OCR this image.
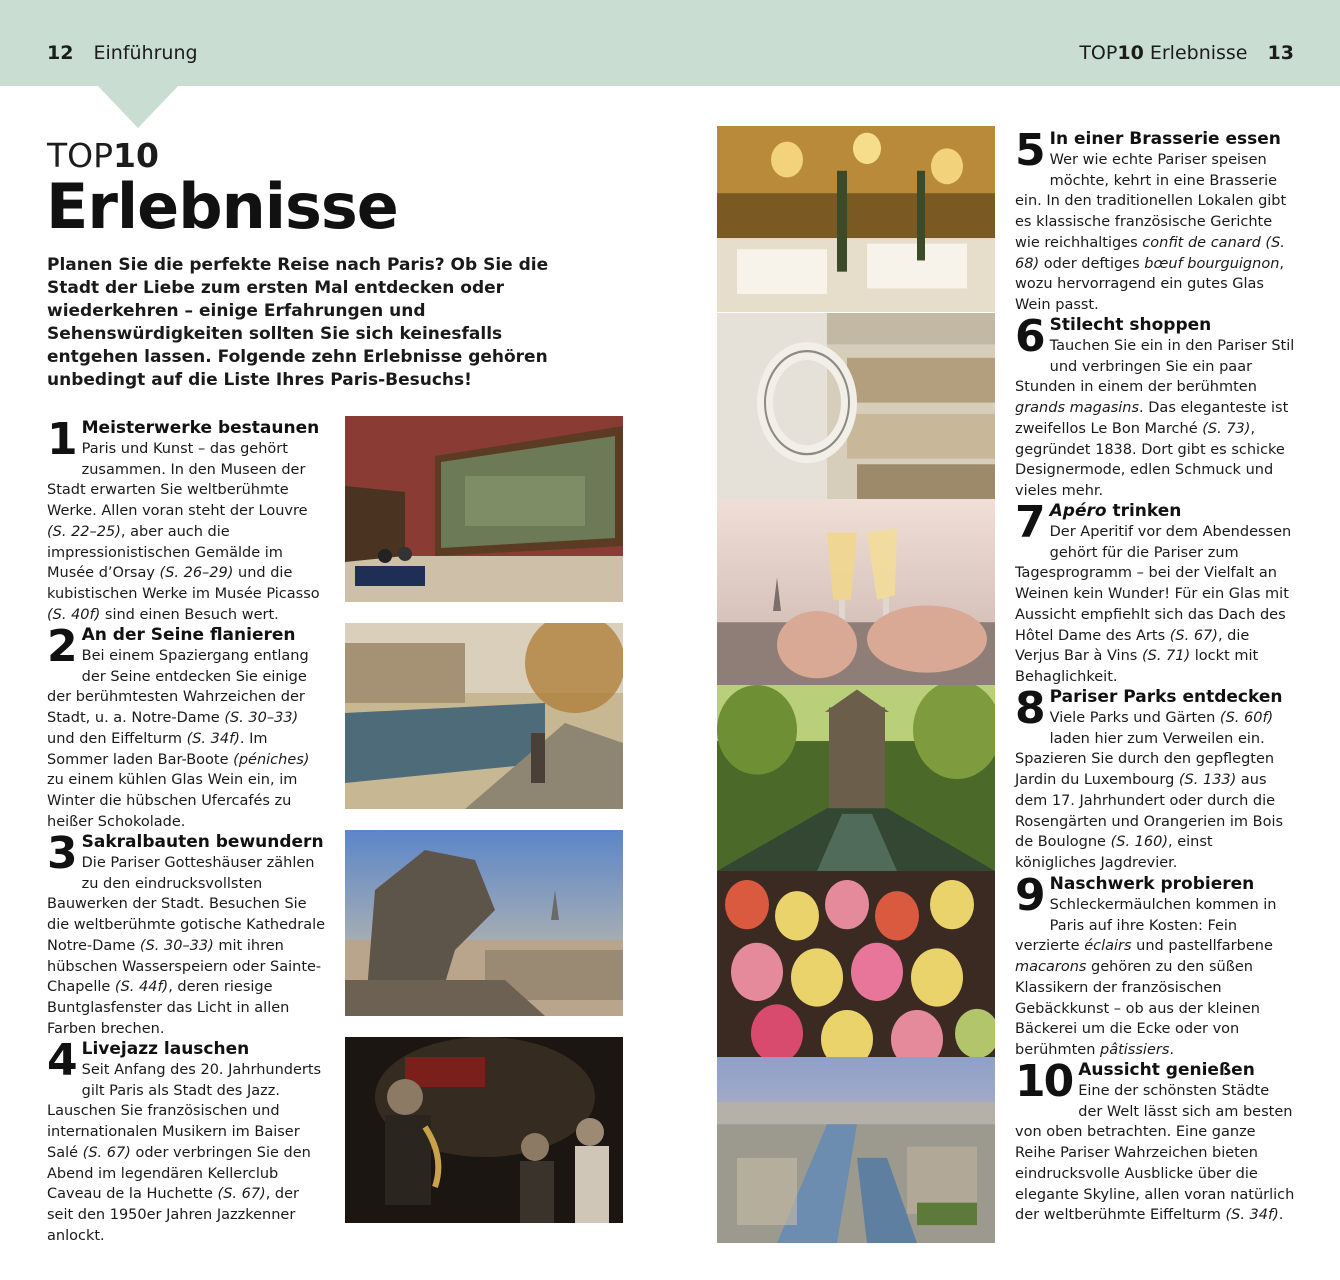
12 Einführung	TOP10 Erlebnisse 13
TOP10
Erlebnisse
Planen Sie die perfekte Reise nach Paris? Ob Sie die Stadt der Liebe zum ersten Mal entdecken oder wiederkehren – einige Erfahrungen und Sehenswürdigkeiten sollten Sie sich keinesfalls entgehen lassen. Folgende zehn Erlebnisse gehören unbedingt auf die Liste Ihres Paris-Besuchs!
1 Meisterwerke bestaunen
Paris und Kunst – das gehört zusammen. In den Museen der Stadt erwarten Sie weltberühmte Werke. Allen voran steht der Louvre (S. 22–25), aber auch die impressionistischen Gemälde im Musée d’Orsay (S. 26–29) und die kubistischen Werke im Musée Picasso (S. 40f) sind einen Besuch wert.
2 An der Seine flanieren
Bei einem Spaziergang entlang der Seine entdecken Sie einige der berühmtesten Wahrzeichen der Stadt, u. a. Notre-Dame (S. 30–33) und den Eiffelturm (S. 34f). Im Sommer laden Bar-Boote (péniches) zu einem kühlen Glas Wein ein, im Winter die hübschen Ufercafés zu heißer Schokolade.
3 Sakralbauten bewundern
Die Pariser Gotteshäuser zählen zu den eindrucksvollsten Bauwerken der Stadt. Besuchen Sie die weltberühmte gotische Kathedrale Notre-Dame (S. 30–33) mit ihren hübschen Wasserspeiern oder Sainte-Chapelle (S. 44f), deren riesige Buntglasfenster das Licht in allen Farben brechen.
4 Livejazz lauschen
Seit Anfang des 20. Jahrhunderts gilt Paris als Stadt des Jazz. Lauschen Sie französischen und internationalen Musikern im Baiser Salé (S. 67) oder verbringen Sie den Abend im legendären Kellerclub Caveau de la Huchette (S. 67), der seit den 1950er Jahren Jazzkenner anlockt.
5 In einer Brasserie essen
Wer wie echte Pariser speisen möchte, kehrt in eine Brasserie ein. In den traditionellen Lokalen gibt es klassische französische Gerichte wie reichhaltiges confit de canard (S. 68) oder deftiges bœuf bourguignon, wozu hervorragend ein gutes Glas Wein passt.
6 Stilecht shoppen
Tauchen Sie ein in den Pariser Stil und verbringen Sie ein paar Stunden in einem der berühmten grands magasins. Das eleganteste ist zweifellos Le Bon Marché (S. 73), gegründet 1838. Dort gibt es schicke Designermode, edlen Schmuck und vieles mehr.
7 Apéro trinken
Der Aperitif vor dem Abendessen gehört für die Pariser zum Tagesprogramm – bei der Vielfalt an Weinen kein Wunder! Für ein Glas mit Aussicht empfiehlt sich das Dach des Hôtel Dame des Arts (S. 67), die Verjus Bar à Vins (S. 71) lockt mit Behaglichkeit.
8 Pariser Parks entdecken
Viele Parks und Gärten (S. 60f) laden hier zum Verweilen ein. Spazieren Sie durch den gepflegten Jardin du Luxembourg (S. 133) aus dem 17. Jahrhundert oder durch die Rosengärten und Orangerien im Bois de Boulogne (S. 160), einst königliches Jagdrevier.
9 Naschwerk probieren
Schleckermäulchen kommen in Paris auf ihre Kosten: Fein verzierte éclairs und pastellfarbene macarons gehören zu den süßen Klassikern der französischen Gebäckkunst – ob aus der kleinen Bäckerei um die Ecke oder von berühmten pâtissiers.
10 Aussicht genießen
Eine der schönsten Städte der Welt lässt sich am besten von oben betrachten. Eine ganze Reihe Pariser Wahrzeichen bieten eindrucksvolle Ausblicke über die elegante Skyline, allen voran natürlich der weltberühmte Eiffelturm (S. 34f).
